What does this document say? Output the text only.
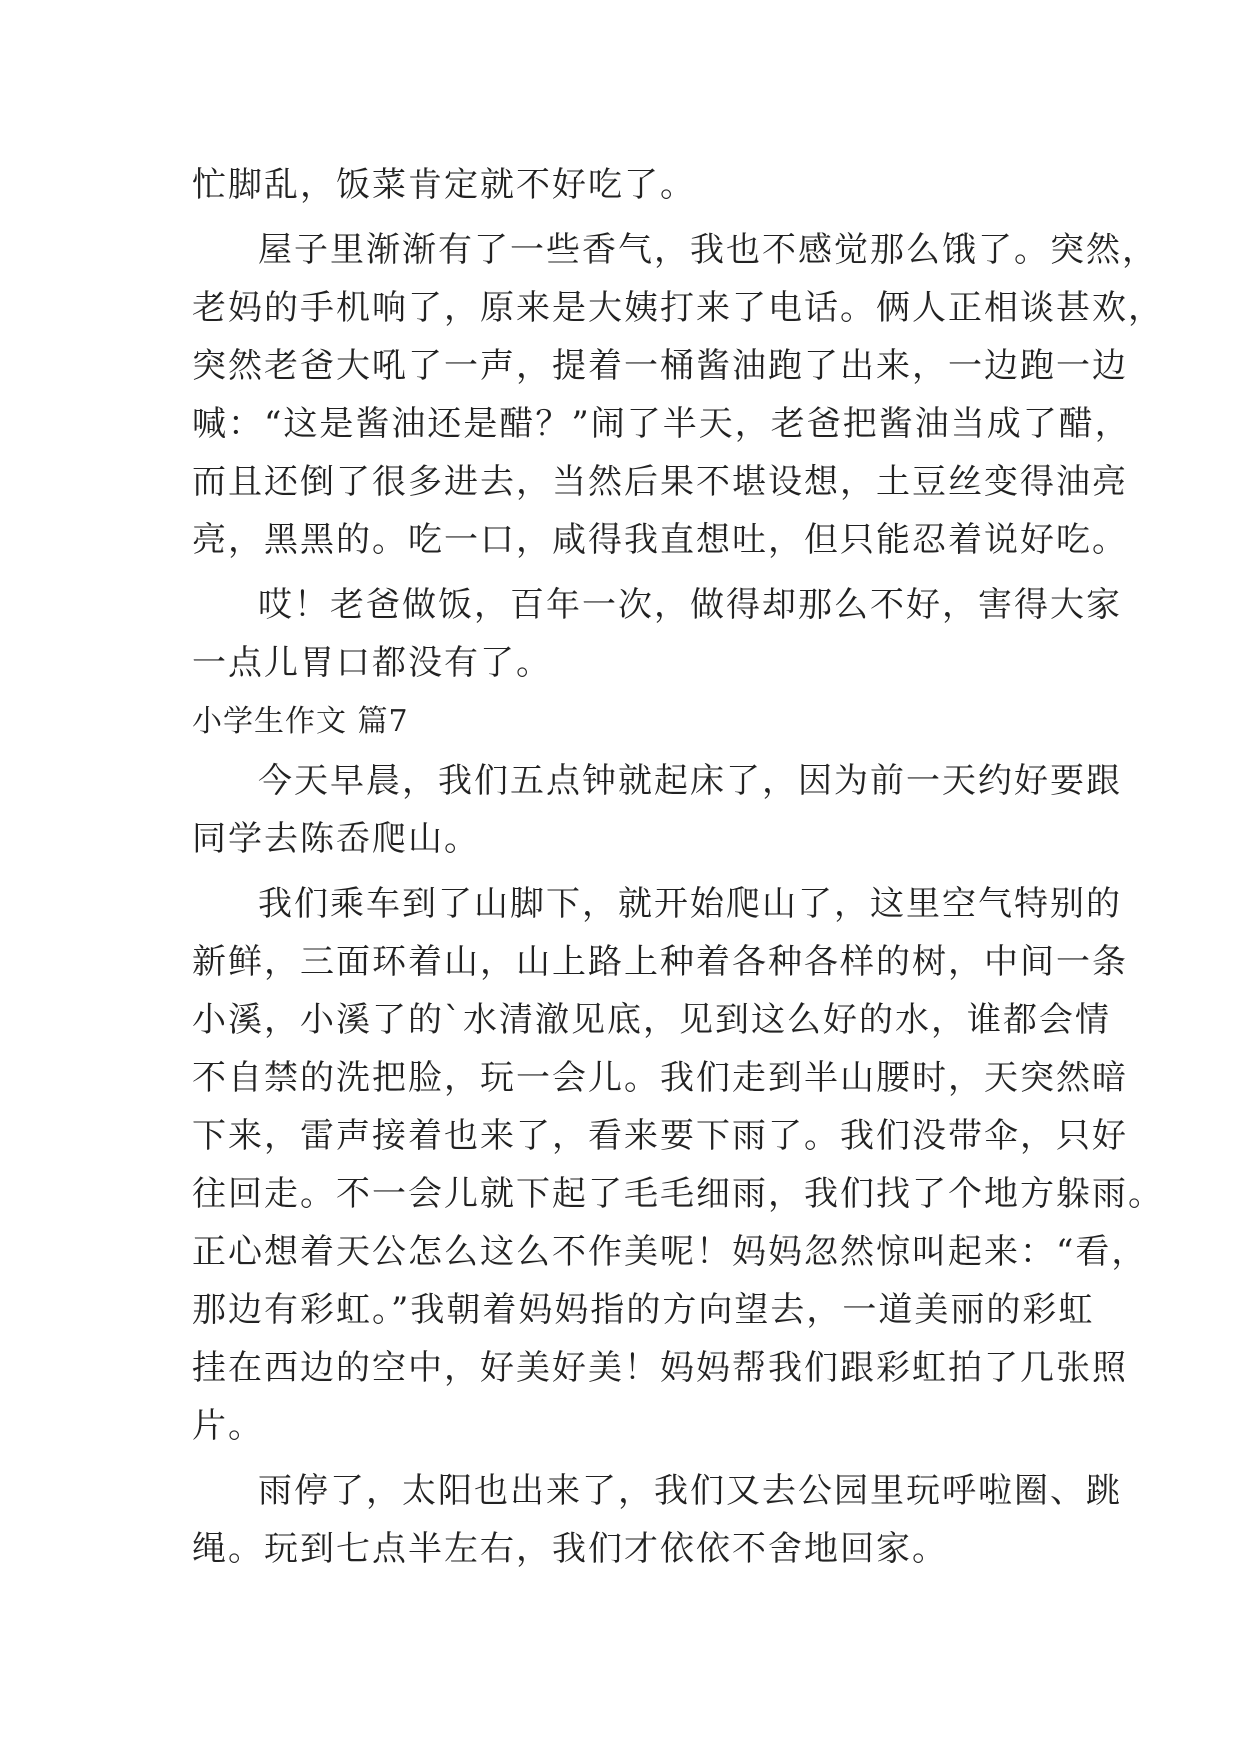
忙脚乱，饭菜肯定就不好吃了。
屋子里渐渐有了一些香气，我也不感觉那么饿了。突然，
老妈的手机响了，原来是大姨打来了电话。俩人正相谈甚欢，
突然老爸大吼了一声，提着一桶酱油跑了出来，一边跑一边
喊：“这是酱油还是醋？”闹了半天，老爸把酱油当成了醋，
而且还倒了很多进去，当然后果不堪设想，土豆丝变得油亮
亮，黑黑的。吃一口，咸得我直想吐，但只能忍着说好吃。
哎！老爸做饭，百年一次，做得却那么不好，害得大家
一点儿胃口都没有了。
小学生作文 篇7
今天早晨，我们五点钟就起床了，因为前一天约好要跟
同学去陈岙爬山。
我们乘车到了山脚下，就开始爬山了，这里空气特别的
新鲜，三面环着山，山上路上种着各种各样的树，中间一条
小溪，小溪了的`水清澈见底，见到这么好的水，谁都会情
不自禁的洗把脸，玩一会儿。我们走到半山腰时，天突然暗
下来，雷声接着也来了，看来要下雨了。我们没带伞，只好
往回走。不一会儿就下起了毛毛细雨，我们找了个地方躲雨。
正心想着天公怎么这么不作美呢！妈妈忽然惊叫起来：“看，
那边有彩虹。”我朝着妈妈指的方向望去，一道美丽的彩虹
挂在西边的空中，好美好美！妈妈帮我们跟彩虹拍了几张照
片。
雨停了，太阳也出来了，我们又去公园里玩呼啦圈、跳
绳。玩到七点半左右，我们才依依不舍地回家。
